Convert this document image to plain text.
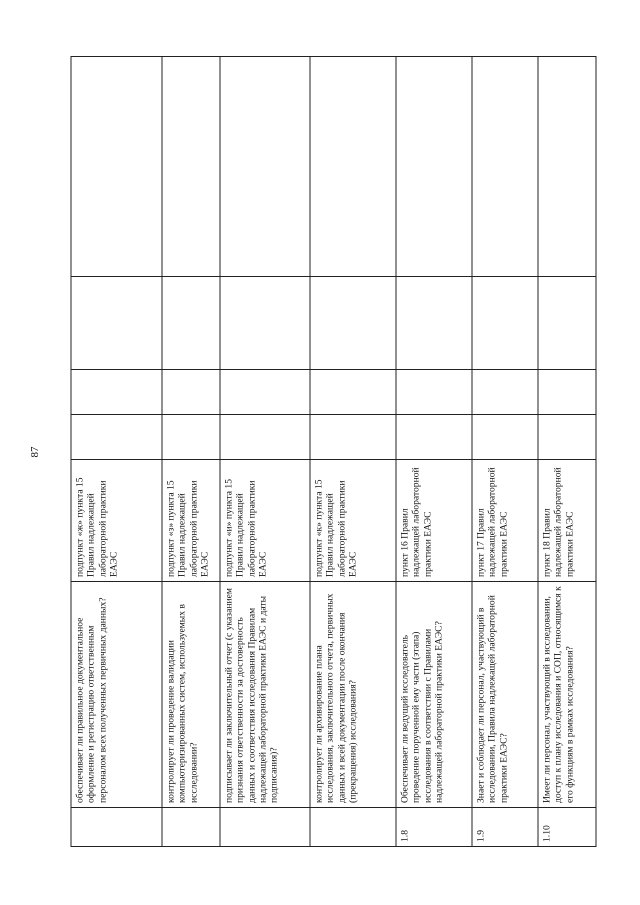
87
	обеспечивает ли правильное документальное оформление и регистрацию ответственным персоналом всех полученных первичных данных?	подпункт «ж» пункта 15 Правил надлежащей лабораторной практики ЕАЭС				
	контролирует ли проведение валидации компьютеризированных систем, используемых в исследовании?	подпункт «з» пункта 15 Правил надлежащей лабораторной практики ЕАЭС				
	подписывает ли заключительный отчет (с указанием признания ответственности за достоверность данных и соответствия исследования Правилам надлежащей лабораторной практики ЕАЭС и даты подписания)?	подпункт «и» пункта 15 Правил надлежащей лабораторной практики ЕАЭС				
	контролирует ли архивирование плана исследования, заключительного отчета, первичных данных и всей документации после окончания (прекращения) исследования?	подпункт «к» пункта 15 Правил надлежащей лабораторной практики ЕАЭС				
1.8	Обеспечивает ли ведущий исследователь проведение порученной ему части (этапа) исследования в соответствии с Правилами надлежащей лабораторной практики ЕАЭС?	пункт 16 Правил надлежащей лабораторной практики ЕАЭС				
1.9	Знает и соблюдает ли персонал, участвующий в исследовании, Правила надлежащей лабораторной практики ЕАЭС?	пункт 17 Правил надлежащей лабораторной практики ЕАЭС				
1.10	Имеет ли персонал, участвующий в исследовании, доступ к плану исследования и СОП, относящимся к его функциям в рамках исследования?	пункт 18 Правил надлежащей лабораторной практики ЕАЭС				
